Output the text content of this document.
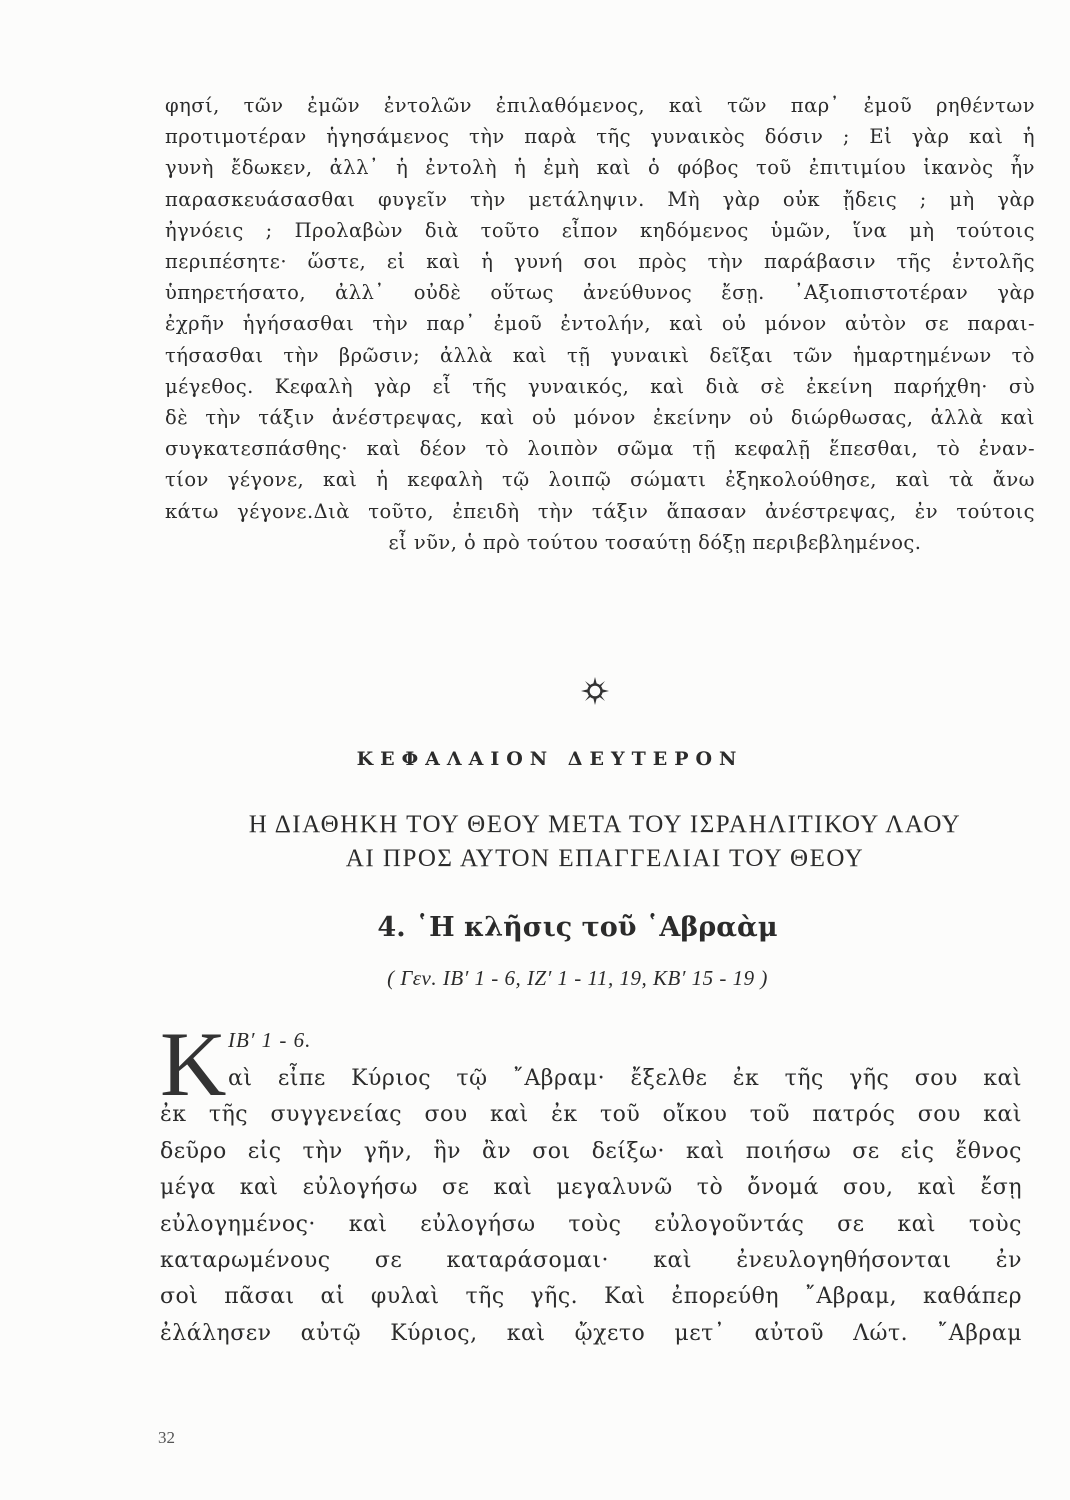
φησί, τῶν ἐμῶν ἐντολῶν ἐπιλαθόμενος, καὶ τῶν παρ᾽ ἐμοῦ ρηθέντων
προτιμοτέραν ἡγησάμενος τὴν παρὰ τῆς γυναικὸς δόσιν ; Εἰ γὰρ καὶ ἡ
γυνὴ ἔδωκεν, ἀλλ᾽ ἡ ἐντολὴ ἡ ἐμὴ καὶ ὁ φόβος τοῦ ἐπιτιμίου ἱκανὸς ἦν
παρασκευάσασθαι φυγεῖν τὴν μετάληψιν. Μὴ γὰρ οὐκ ᾔδεις ; μὴ γὰρ
ἠγνόεις ; Προλαβὼν διὰ τοῦτο εἶπον κηδόμενος ὑμῶν, ἵνα μὴ τούτοις
περιπέσητε· ὥστε, εἰ καὶ ἡ γυνή σοι πρὸς τὴν παράβασιν τῆς ἐντολῆς
ὑπηρετήσατο, ἀλλ᾽ οὐδὲ οὕτως ἀνεύθυνος ἔσῃ. ᾽Αξιοπιστοτέραν γὰρ
ἐχρῆν ἡγήσασθαι τὴν παρ᾽ ἐμοῦ ἐντολήν, καὶ οὐ μόνον αὐτὸν σε παραι-
τήσασθαι τὴν βρῶσιν; ἀλλὰ καὶ τῇ γυναικὶ δεῖξαι τῶν ἡμαρτημένων τὸ
μέγεθος. Κεφαλὴ γὰρ εἶ τῆς γυναικός, καὶ διὰ σὲ ἐκείνη παρήχθη· σὺ
δὲ τὴν τάξιν ἀνέστρεψας, καὶ οὐ μόνον ἐκείνην οὐ διώρθωσας, ἀλλὰ καὶ
συγκατεσπάσθης· καὶ δέον τὸ λοιπὸν σῶμα τῇ κεφαλῇ ἕπεσθαι, τὸ ἐναν-
τίον γέγονε, καὶ ἡ κεφαλὴ τῷ λοιπῷ σώματι ἐξηκολούθησε, καὶ τὰ ἄνω
κάτω γέγονε.Διὰ τοῦτο, ἐπειδὴ τὴν τάξιν ἅπασαν ἀνέστρεψας, ἐν τούτοις
εἶ νῦν, ὁ πρὸ τούτου τοσαύτῃ δόξῃ περιβεβλημένος.
ΚΕΦΑΛΑΙΟΝ ΔΕΥΤΕΡΟΝ
Η ΔΙΑΘΗΚΗ ΤΟΥ ΘΕΟΥ ΜΕΤΑ ΤΟΥ ΙΣΡΑΗΛΙΤΙΚΟΥ ΛΑΟΥ
ΑΙ ΠΡΟΣ ΑΥΤΟΝ ΕΠΑΓΓΕΛΙΑΙ ΤΟΥ ΘΕΟΥ
4. ῾Η κλῆσις τοῦ ῾Αβραὰμ
( Γεν. ΙΒ′ 1 - 6, ΙΖ′ 1 - 11, 19, ΚΒ′ 15 - 19 )
Κ ΙΒ′ 1 - 6.
αὶ εἶπε Κύριος τῷ ῎Αβραμ· ἔξελθε ἐκ τῆς γῆς σου καὶ
ἐκ τῆς συγγενείας σου καὶ ἐκ τοῦ οἴκου τοῦ πατρός σου καὶ
δεῦρο εἰς τὴν γῆν, ἣν ἂν σοι δείξω· καὶ ποιήσω σε εἰς ἔθνος
μέγα καὶ εὐλογήσω σε καὶ μεγαλυνῶ τὸ ὄνομά σου, καὶ ἔσῃ
εὐλογημένος· καὶ εὐλογήσω τοὺς εὐλογοῦντάς σε καὶ τοὺς
καταρωμένους σε καταράσομαι· καὶ ἐνευλογηθήσονται ἐν
σοὶ πᾶσαι αἱ φυλαὶ τῆς γῆς. Καὶ ἐπορεύθη ῎Αβραμ, καθάπερ
ἐλάλησεν αὐτῷ Κύριος, καὶ ᾤχετο μετ᾽ αὐτοῦ Λώτ. ῎Αβραμ
32
